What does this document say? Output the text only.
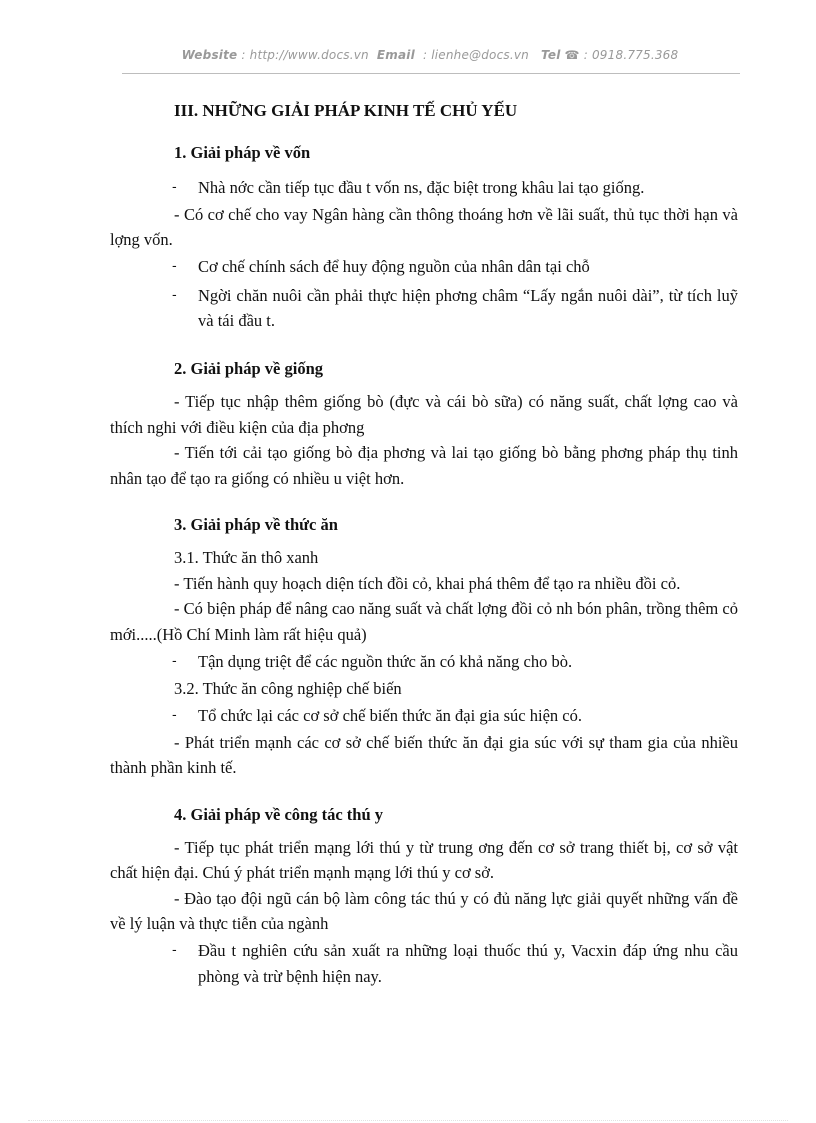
Website : http://www.docs.vn Email : lienhe@docs.vn Tel ☎ : 0918.775.368
III. NHỮNG GIẢI PHÁP KINH TẾ CHỦ YẾU
1. Giải pháp về vốn
-	Nhà nớc cần tiếp tục đầu t vốn ns, đặc biệt trong khâu lai tạo giống.

- Có cơ chế cho vay Ngân hàng cần thông thoáng hơn về lãi suất, thủ tục thời hạn và lợng vốn.

-	Cơ chế chính sách để huy động nguồn của nhân dân tại chỗ
-	Ngời chăn nuôi cần phải thực hiện phơng châm “Lấy ngắn nuôi dài”, từ tích luỹ và tái đầu t.
2. Giải pháp về giống

- Tiếp tục nhập thêm giống bò (đực và cái bò sữa) có năng suất, chất lợng cao và thích nghi với điều kiện của địa phơng

- Tiến tới cải tạo giống bò địa phơng và lai tạo giống bò bằng phơng pháp thụ tinh nhân tạo để tạo ra giống có nhiều u việt hơn.

3. Giải pháp về thức ăn
3.1. Thức ăn thô xanh

- Tiến hành quy hoạch diện tích đồi cỏ, khai phá thêm để tạo ra nhiều đồi cỏ.

- Có biện pháp để nâng cao năng suất và chất lợng đồi cỏ nh bón phân, trồng thêm cỏ mới.....(Hồ Chí Minh làm rất hiệu quả)

-	Tận dụng triệt để các nguồn thức ăn có khả năng cho bò.
3.2. Thức ăn công nghiệp chế biến
-	Tổ chức lại các cơ sở chế biến thức ăn đại gia súc hiện có.

- Phát triển mạnh các cơ sở chế biến thức ăn đại gia súc với sự tham gia của nhiều thành phần kinh tế.

4. Giải pháp về công tác thú y

- Tiếp tục phát triển mạng lới thú y từ trung ơng đến cơ sở trang thiết bị, cơ sở vật chất hiện đại. Chú ý phát triển mạnh mạng lới thú y cơ sở.

- Đào tạo đội ngũ cán bộ làm công tác thú y có đủ năng lực giải quyết những vấn đề về lý luận và thực tiễn của ngành

-	Đầu t nghiên cứu sản xuất ra những loại thuốc thú y, Vacxin đáp ứng nhu cầu phòng và trừ bệnh hiện nay.
